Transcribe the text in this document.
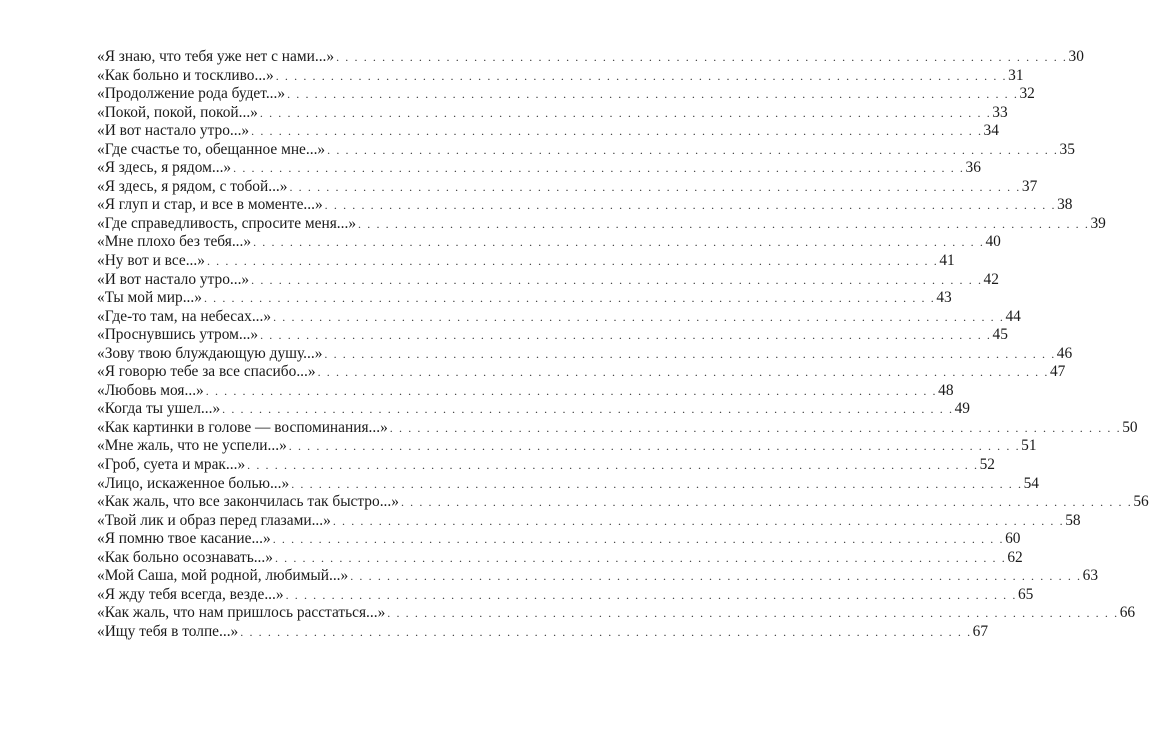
«Я знаю, что тебя уже нет с нами...» . . . . . . . . . . . . . . . . . . . . . . . . . . . . . . . . . . . . . . . . . . . . . . . . . . . . . . . . . . . . . . . . . . . . . . . . . . . . . . . . 30
«Как больно и тоскливо...» . . . . . . . . . . . . . . . . . . . . . . . . . . . . . . . . . . . . . . . . . . . . . . . . . . . . . . . . . . . . . . . . . . . . . . . . . . . . . . . . 31
«Продолжение рода будет...» . . . . . . . . . . . . . . . . . . . . . . . . . . . . . . . . . . . . . . . . . . . . . . . . . . . . . . . . . . . . . . . . . . . . . . . . . . . . . . . . 32
«Покой, покой, покой...» . . . . . . . . . . . . . . . . . . . . . . . . . . . . . . . . . . . . . . . . . . . . . . . . . . . . . . . . . . . . . . . . . . . . . . . . . . . . . . . . 33
«И вот настало утро...» . . . . . . . . . . . . . . . . . . . . . . . . . . . . . . . . . . . . . . . . . . . . . . . . . . . . . . . . . . . . . . . . . . . . . . . . . . . . . . . . 34
«Где счастье то, обещанное мне...» . . . . . . . . . . . . . . . . . . . . . . . . . . . . . . . . . . . . . . . . . . . . . . . . . . . . . . . . . . . . . . . . . . . . . . . . . . . . . . . . 35
«Я здесь, я рядом...» . . . . . . . . . . . . . . . . . . . . . . . . . . . . . . . . . . . . . . . . . . . . . . . . . . . . . . . . . . . . . . . . . . . . . . . . . . . . . . . . 36
«Я здесь, я рядом, с тобой...» . . . . . . . . . . . . . . . . . . . . . . . . . . . . . . . . . . . . . . . . . . . . . . . . . . . . . . . . . . . . . . . . . . . . . . . . . . . . . . . . 37
«Я глуп и стар, и все в моменте...» . . . . . . . . . . . . . . . . . . . . . . . . . . . . . . . . . . . . . . . . . . . . . . . . . . . . . . . . . . . . . . . . . . . . . . . . . . . . . . . . 38
«Где справедливость, спросите меня...» . . . . . . . . . . . . . . . . . . . . . . . . . . . . . . . . . . . . . . . . . . . . . . . . . . . . . . . . . . . . . . . . . . . . . . . . . . . . . . . . 39
«Мне плохо без тебя...» . . . . . . . . . . . . . . . . . . . . . . . . . . . . . . . . . . . . . . . . . . . . . . . . . . . . . . . . . . . . . . . . . . . . . . . . . . . . . . . . 40
«Ну вот и все...» . . . . . . . . . . . . . . . . . . . . . . . . . . . . . . . . . . . . . . . . . . . . . . . . . . . . . . . . . . . . . . . . . . . . . . . . . . . . . . . . 41
«И вот настало утро...» . . . . . . . . . . . . . . . . . . . . . . . . . . . . . . . . . . . . . . . . . . . . . . . . . . . . . . . . . . . . . . . . . . . . . . . . . . . . . . . . 42
«Ты мой мир...» . . . . . . . . . . . . . . . . . . . . . . . . . . . . . . . . . . . . . . . . . . . . . . . . . . . . . . . . . . . . . . . . . . . . . . . . . . . . . . . . 43
«Где-то там, на небесах...» . . . . . . . . . . . . . . . . . . . . . . . . . . . . . . . . . . . . . . . . . . . . . . . . . . . . . . . . . . . . . . . . . . . . . . . . . . . . . . . . 44
«Проснувшись утром...» . . . . . . . . . . . . . . . . . . . . . . . . . . . . . . . . . . . . . . . . . . . . . . . . . . . . . . . . . . . . . . . . . . . . . . . . . . . . . . . . 45
«Зову твою блуждающую душу...» . . . . . . . . . . . . . . . . . . . . . . . . . . . . . . . . . . . . . . . . . . . . . . . . . . . . . . . . . . . . . . . . . . . . . . . . . . . . . . . . 46
«Я говорю тебе за все спасибо...» . . . . . . . . . . . . . . . . . . . . . . . . . . . . . . . . . . . . . . . . . . . . . . . . . . . . . . . . . . . . . . . . . . . . . . . . . . . . . . . . 47
«Любовь моя...» . . . . . . . . . . . . . . . . . . . . . . . . . . . . . . . . . . . . . . . . . . . . . . . . . . . . . . . . . . . . . . . . . . . . . . . . . . . . . . . . 48
«Когда ты ушел...» . . . . . . . . . . . . . . . . . . . . . . . . . . . . . . . . . . . . . . . . . . . . . . . . . . . . . . . . . . . . . . . . . . . . . . . . . . . . . . . . 49
«Как картинки в голове — воспоминания...» . . . . . . . . . . . . . . . . . . . . . . . . . . . . . . . . . . . . . . . . . . . . . . . . . . . . . . . . . . . . . . . . . . . . . . . . . . . . . . . . 50
«Мне жаль, что не успели...» . . . . . . . . . . . . . . . . . . . . . . . . . . . . . . . . . . . . . . . . . . . . . . . . . . . . . . . . . . . . . . . . . . . . . . . . . . . . . . . . 51
«Гроб, суета и мрак...» . . . . . . . . . . . . . . . . . . . . . . . . . . . . . . . . . . . . . . . . . . . . . . . . . . . . . . . . . . . . . . . . . . . . . . . . . . . . . . . . 52
«Лицо, искаженное болью...» . . . . . . . . . . . . . . . . . . . . . . . . . . . . . . . . . . . . . . . . . . . . . . . . . . . . . . . . . . . . . . . . . . . . . . . . . . . . . . . . 54
«Как жаль, что все закончилась так быстро...» . . . . . . . . . . . . . . . . . . . . . . . . . . . . . . . . . . . . . . . . . . . . . . . . . . . . . . . . . . . . . . . . . . . . . . . . . . . . . . . . 56
«Твой лик и образ перед глазами...» . . . . . . . . . . . . . . . . . . . . . . . . . . . . . . . . . . . . . . . . . . . . . . . . . . . . . . . . . . . . . . . . . . . . . . . . . . . . . . . . 58
«Я помню твое касание...» . . . . . . . . . . . . . . . . . . . . . . . . . . . . . . . . . . . . . . . . . . . . . . . . . . . . . . . . . . . . . . . . . . . . . . . . . . . . . . . . 60
«Как больно осознавать...» . . . . . . . . . . . . . . . . . . . . . . . . . . . . . . . . . . . . . . . . . . . . . . . . . . . . . . . . . . . . . . . . . . . . . . . . . . . . . . . . 62
«Мой Саша, мой родной, любимый...» . . . . . . . . . . . . . . . . . . . . . . . . . . . . . . . . . . . . . . . . . . . . . . . . . . . . . . . . . . . . . . . . . . . . . . . . . . . . . . . . 63
«Я жду тебя всегда, везде...» . . . . . . . . . . . . . . . . . . . . . . . . . . . . . . . . . . . . . . . . . . . . . . . . . . . . . . . . . . . . . . . . . . . . . . . . . . . . . . . . 65
«Как жаль, что нам пришлось расстаться...» . . . . . . . . . . . . . . . . . . . . . . . . . . . . . . . . . . . . . . . . . . . . . . . . . . . . . . . . . . . . . . . . . . . . . . . . . . . . . . . . 66
«Ищу тебя в толпе...» . . . . . . . . . . . . . . . . . . . . . . . . . . . . . . . . . . . . . . . . . . . . . . . . . . . . . . . . . . . . . . . . . . . . . . . . . . . . . . . . 67
